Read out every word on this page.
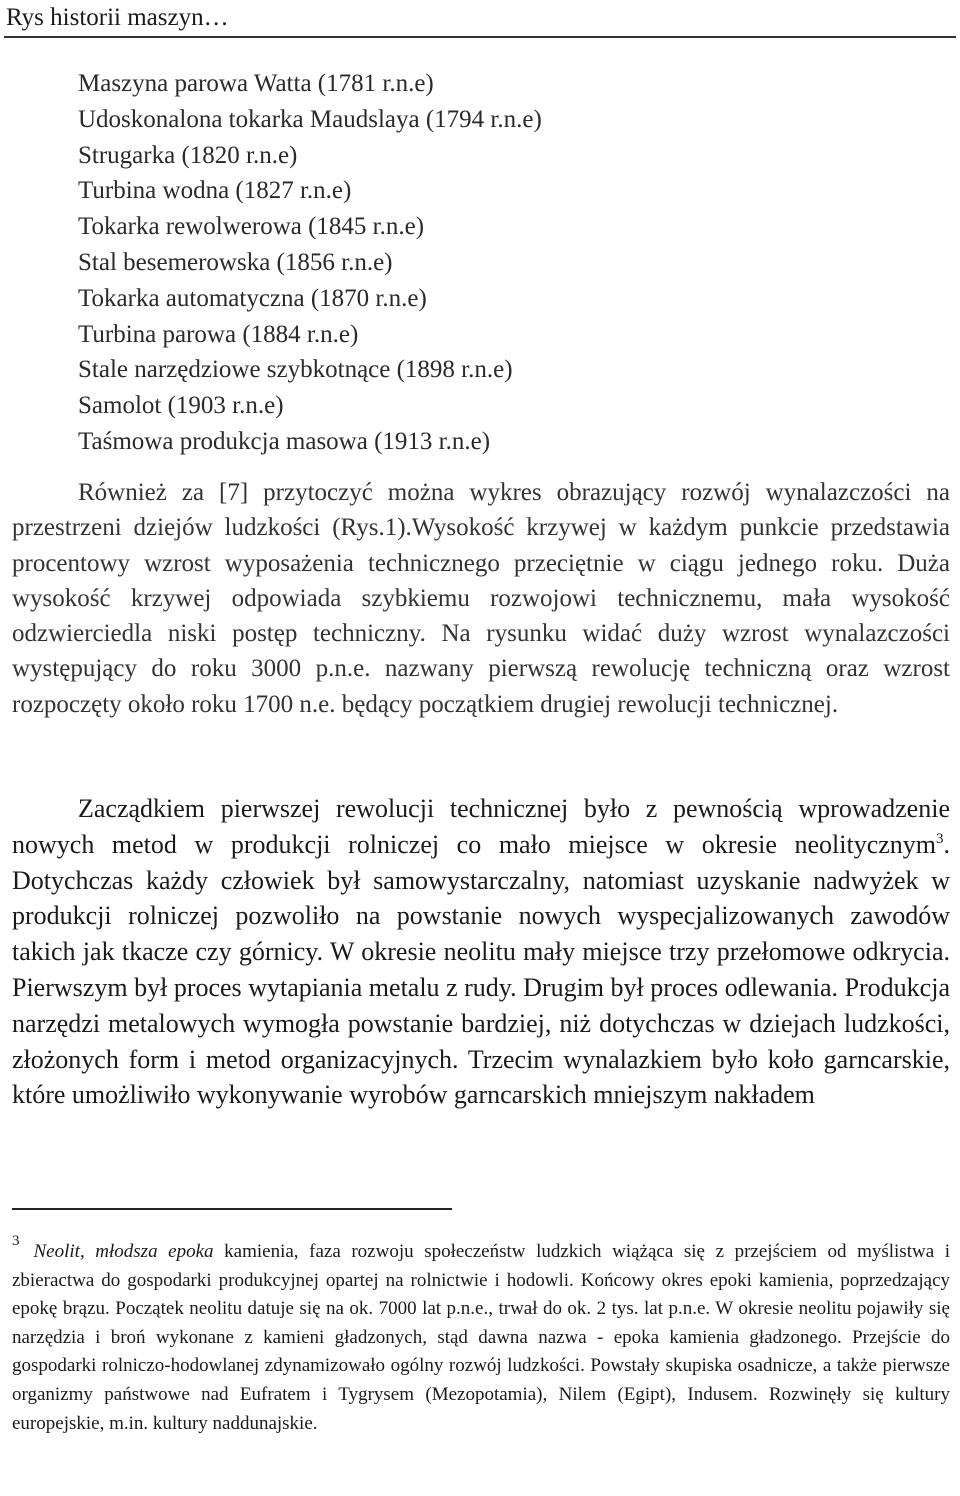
Rys historii maszyn…
Maszyna parowa Watta (1781 r.n.e)
Udoskonalona tokarka Maudslaya (1794 r.n.e)
Strugarka (1820 r.n.e)
Turbina wodna (1827 r.n.e)
Tokarka rewolwerowa (1845 r.n.e)
Stal besemerowska (1856 r.n.e)
Tokarka automatyczna (1870 r.n.e)
Turbina parowa (1884 r.n.e)
Stale narzędziowe szybkotnące (1898 r.n.e)
Samolot (1903 r.n.e)
Taśmowa produkcja masowa (1913 r.n.e)

Również za [7] przytoczyć można wykres obrazujący rozwój wynalazczości na przestrzeni dziejów ludzkości (Rys.1).Wysokość krzywej w każdym punkcie przedstawia procentowy wzrost wyposażenia technicznego przeciętnie w ciągu jednego roku. Duża wysokość krzywej odpowiada szybkiemu rozwojowi technicznemu, mała wysokość odzwierciedla niski postęp techniczny. Na rysunku widać duży wzrost wynalazczości występujący do roku 3000 p.n.e. nazwany pierwszą rewolucję techniczną oraz wzrost rozpoczęty około roku 1700 n.e. będący początkiem drugiej rewolucji technicznej.

Zacządkiem pierwszej rewolucji technicznej było z pewnością wprowadzenie nowych metod w produkcji rolniczej co mało miejsce w okresie neolitycznym$^3$. Dotychczas każdy człowiek był samowystarczalny, natomiast uzyskanie nadwyżek w produkcji rolniczej pozwoliło na powstanie nowych wyspecjalizowanych zawodów takich jak tkacze czy górnicy. W okresie neolitu mały miejsce trzy przełomowe odkrycia. Pierwszym był proces wytapiania metalu z rudy. Drugim był proces odlewania. Produkcja narzędzi metalowych wymogła powstanie bardziej, niż dotychczas w dziejach ludzkości, złożonych form i metod organizacyjnych. Trzecim wynalazkiem było koło garncarskie, które umożliwiło wykonywanie wyrobów garncarskich mniejszym nakładem

$^3$ Neolit, młodsza epoka kamienia, faza rozwoju społeczeństw ludzkich wiążąca się z przejściem od myślistwa i zbieractwa do gospodarki produkcyjnej opartej na rolnictwie i hodowli. Końcowy okres epoki kamienia, poprzedzający epokę brązu. Początek neolitu datuje się na ok. 7000 lat p.n.e., trwał do ok. 2 tys. lat p.n.e. W okresie neolitu pojawiły się narzędzia i broń wykonane z kamieni gładzonych, stąd dawna nazwa - epoka kamienia gładzonego. Przejście do gospodarki rolniczo-hodowlanej zdynamizowało ogólny rozwój ludzkości. Powstały skupiska osadnicze, a także pierwsze organizmy państwowe nad Eufratem i Tygrysem (Mezopotamia), Nilem (Egipt), Indusem. Rozwinęły się kultury europejskie, m.in. kultury naddunajskie.
